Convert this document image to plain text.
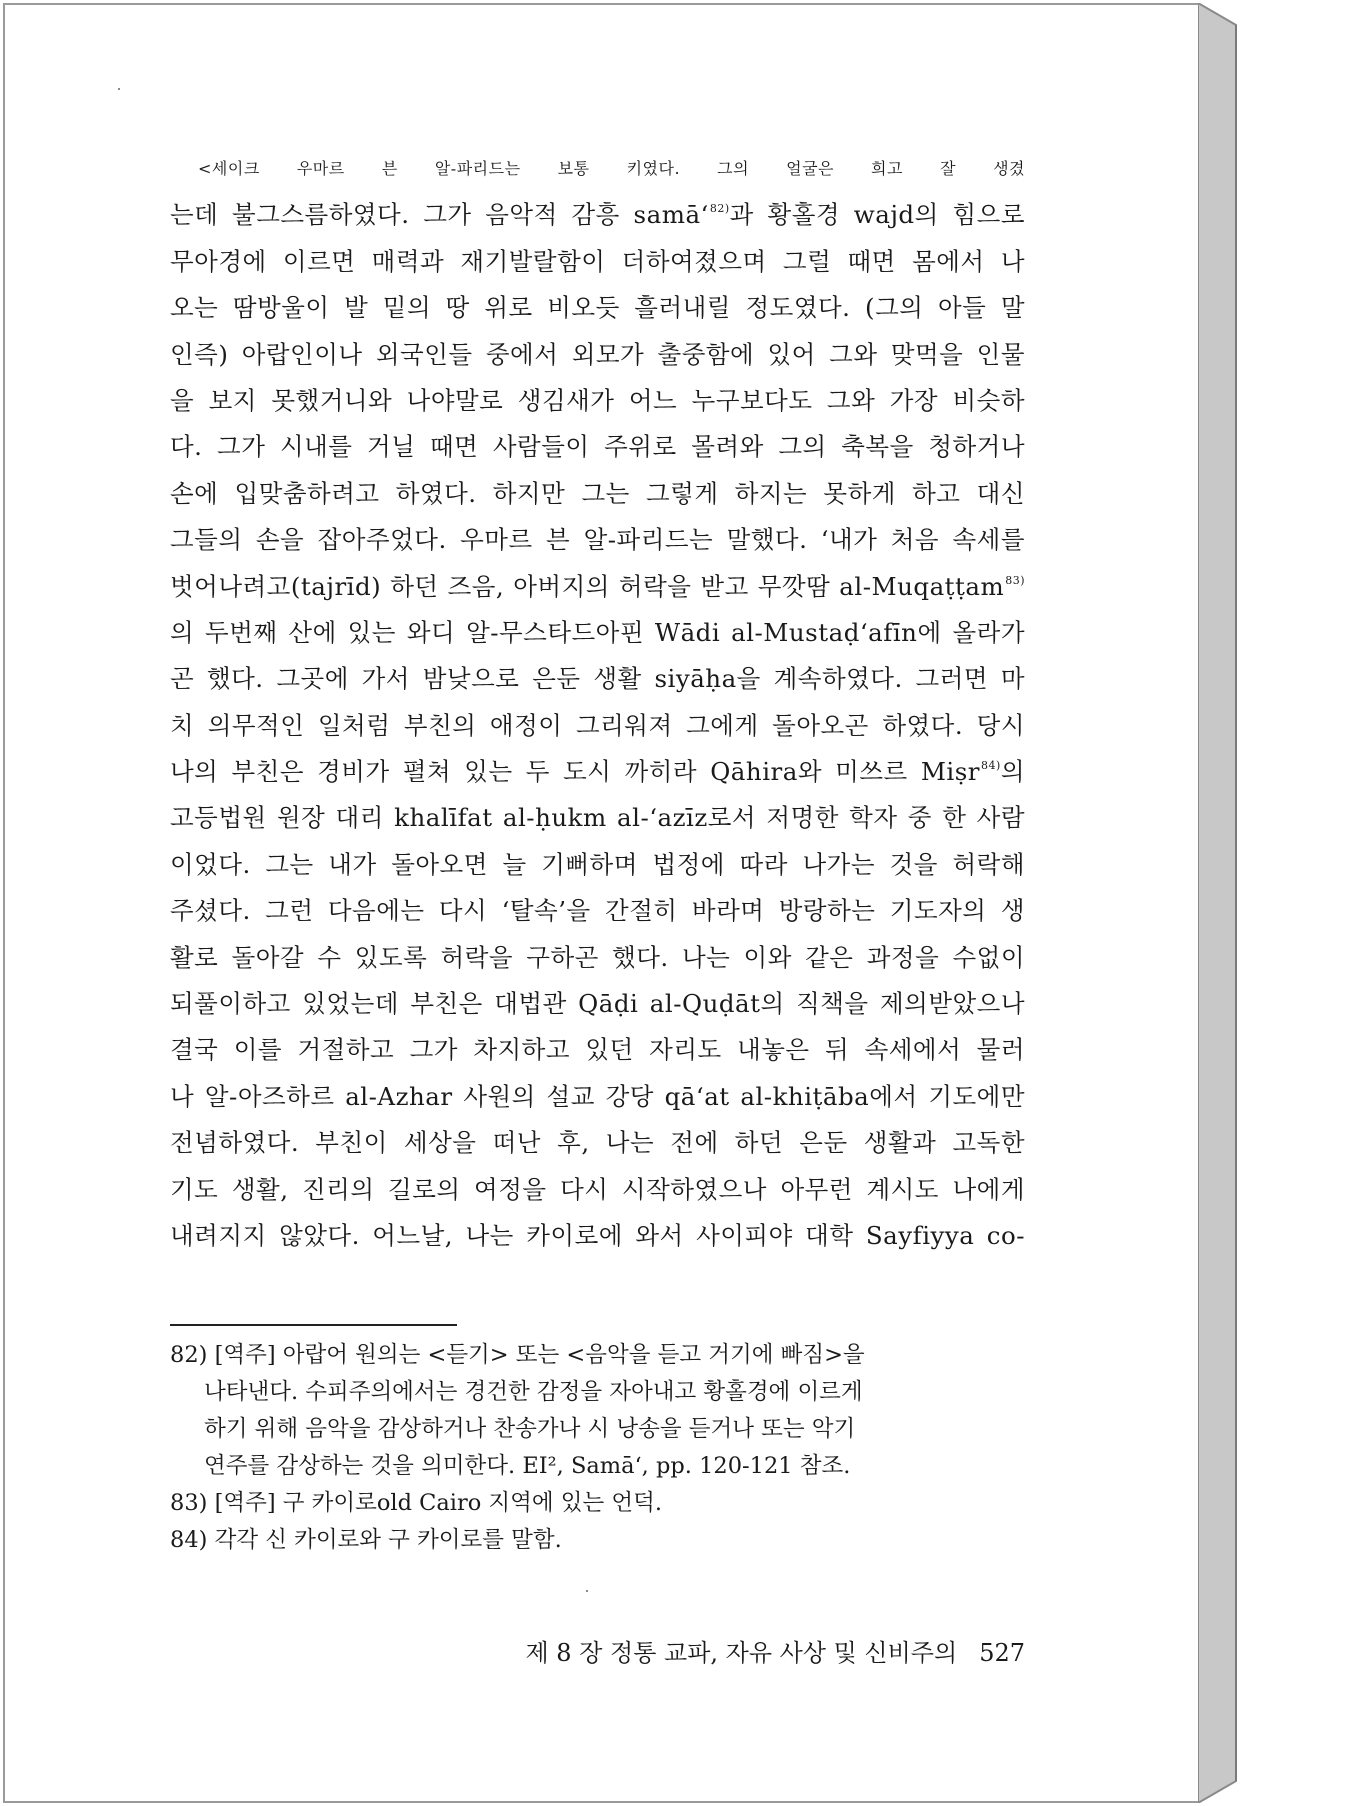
<세이크 우마르 븐 알-파리드는 보통 키였다. 그의 얼굴은 희고 잘 생겼
는데 불그스름하였다. 그가 음악적 감흥 samā‘$^{82)}$과 황홀경 wajd의 힘으로
무아경에 이르면 매력과 재기발랄함이 더하여졌으며 그럴 때면 몸에서 나
오는 땀방울이 발 밑의 땅 위로 비오듯 흘러내릴 정도였다. (그의 아들 말
인즉) 아랍인이나 외국인들 중에서 외모가 출중함에 있어 그와 맞먹을 인물
을 보지 못했거니와 나야말로 생김새가 어느 누구보다도 그와 가장 비슷하
다. 그가 시내를 거닐 때면 사람들이 주위로 몰려와 그의 축복을 청하거나
손에 입맞춤하려고 하였다. 하지만 그는 그렇게 하지는 못하게 하고 대신
그들의 손을 잡아주었다. 우마르 븐 알-파리드는 말했다. ‘내가 처음 속세를
벗어나려고(tajrīd) 하던 즈음, 아버지의 허락을 받고 무깟땀 al-Muqaṭṭam$^{83)}$
의 두번째 산에 있는 와디 알-무스타드아핀 Wādi al-Mustaḍ‘afīn에 올라가
곤 했다. 그곳에 가서 밤낮으로 은둔 생활 siyāḥa을 계속하였다. 그러면 마
치 의무적인 일처럼 부친의 애정이 그리워져 그에게 돌아오곤 하였다. 당시
나의 부친은 경비가 펼쳐 있는 두 도시 까히라 Qāhira와 미쓰르 Miṣr$^{84)}$의
고등법원 원장 대리 khalīfat al-ḥukm al-‘azīz로서 저명한 학자 중 한 사람
이었다. 그는 내가 돌아오면 늘 기뻐하며 법정에 따라 나가는 것을 허락해
주셨다. 그런 다음에는 다시 ‘탈속’을 간절히 바라며 방랑하는 기도자의 생
활로 돌아갈 수 있도록 허락을 구하곤 했다. 나는 이와 같은 과정을 수없이
되풀이하고 있었는데 부친은 대법관 Qāḍi al-Quḍāt의 직책을 제의받았으나
결국 이를 거절하고 그가 차지하고 있던 자리도 내놓은 뒤 속세에서 물러
나 알-아즈하르 al-Azhar 사원의 설교 강당 qā‘at al-khiṭāba에서 기도에만
전념하였다. 부친이 세상을 떠난 후, 나는 전에 하던 은둔 생활과 고독한
기도 생활, 진리의 길로의 여정을 다시 시작하였으나 아무런 계시도 나에게
내려지지 않았다. 어느날, 나는 카이로에 와서 사이피야 대학 Sayfiyya co-
82) [역주] 아랍어 원의는 <듣기> 또는 <음악을 듣고 거기에 빠짐>을
나타낸다. 수피주의에서는 경건한 감정을 자아내고 황홀경에 이르게
하기 위해 음악을 감상하거나 찬송가나 시 낭송을 듣거나 또는 악기
연주를 감상하는 것을 의미한다. EI², Samā‘, pp. 120-121 참조.
83) [역주] 구 카이로old Cairo 지역에 있는 언덕.
84) 각각 신 카이로와 구 카이로를 말함.
제 8 장 정통 교파, 자유 사상 및 신비주의 527
